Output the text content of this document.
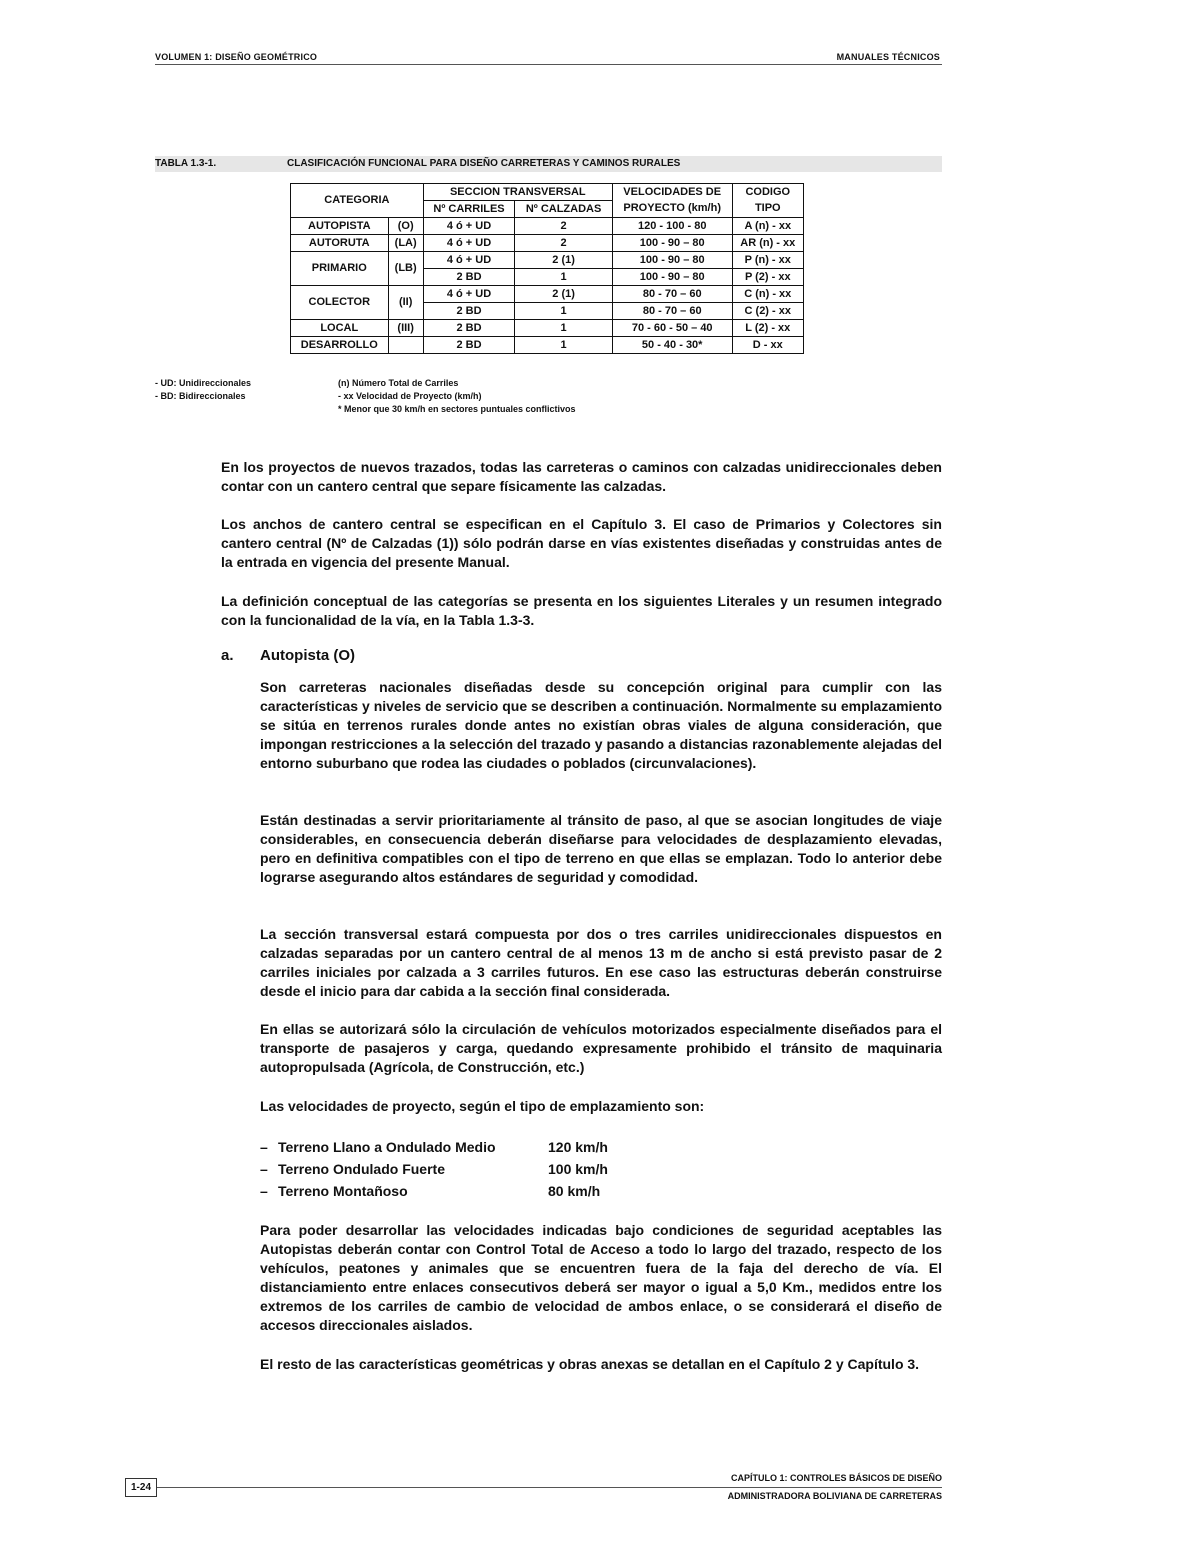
VOLUMEN 1: DISEÑO GEOMÉTRICO	MANUALES TÉCNICOS
TABLA 1.3-1.	CLASIFICACIÓN FUNCIONAL PARA DISEÑO CARRETERAS Y CAMINOS RURALES
CATEGORIA		SECCION TRANSVERSAL		VELOCIDADES DE	CODIGO
		Nº CARRILES	Nº CALZADAS	PROYECTO (km/h)	TIPO
AUTOPISTA	(O)	4 ó + UD	2	120 - 100 - 80	A (n) - xx
AUTORUTA	(LA)	4 ó + UD	2	100 - 90 – 80	AR (n) - xx
PRIMARIO	(LB)	4 ó + UD	2 (1)	100 - 90 – 80	P (n) - xx
		2 BD	1	100 - 90 – 80	P (2) - xx
COLECTOR	(II)	4 ó + UD	2 (1)	80 - 70 – 60	C (n) - xx
		2 BD	1	80 - 70 – 60	C (2) - xx
LOCAL	(III)	2 BD	1	70 - 60 - 50 – 40	L (2) - xx
DESARROLLO		2 BD	1	50 - 40 - 30*	D - xx
- UD: Unidireccionales
- BD: Bidireccionales
(n) Número Total de Carriles
- xx Velocidad de Proyecto (km/h)
* Menor que 30 km/h en sectores puntuales conflictivos

En los proyectos de nuevos trazados, todas las carreteras o caminos con calzadas unidireccionales deben contar con un cantero central que separe físicamente las calzadas.

Los anchos de cantero central se especifican en el Capítulo 3. El caso de Primarios y Colectores sin cantero central (Nº de Calzadas (1)) sólo podrán darse en vías existentes diseñadas y construidas antes de la entrada en vigencia del presente Manual.

La definición conceptual de las categorías se presenta en los siguientes Literales y un resumen integrado con la funcionalidad de la vía, en la Tabla 1.3-3.

a. Autopista (O)

Son carreteras nacionales diseñadas desde su concepción original para cumplir con las características y niveles de servicio que se describen a continuación. Normalmente su emplazamiento se sitúa en terrenos rurales donde antes no existían obras viales de alguna consideración, que impongan restricciones a la selección del trazado y pasando a distancias razonablemente alejadas del entorno suburbano que rodea las ciudades o poblados (circunvalaciones).

Están destinadas a servir prioritariamente al tránsito de paso, al que se asocian longitudes de viaje considerables, en consecuencia deberán diseñarse para velocidades de desplazamiento elevadas, pero en definitiva compatibles con el tipo de terreno en que ellas se emplazan. Todo lo anterior debe lograrse asegurando altos estándares de seguridad y comodidad.

La sección transversal estará compuesta por dos o tres carriles unidireccionales dispuestos en calzadas separadas por un cantero central de al menos 13 m de ancho si está previsto pasar de 2 carriles iniciales por calzada a 3 carriles futuros. En ese caso las estructuras deberán construirse desde el inicio para dar cabida a la sección final considerada.

En ellas se autorizará sólo la circulación de vehículos motorizados especialmente diseñados para el transporte de pasajeros y carga, quedando expresamente prohibido el tránsito de maquinaria autopropulsada (Agrícola, de Construcción, etc.)

Las velocidades de proyecto, según el tipo de emplazamiento son:

– Terreno Llano a Ondulado Medio	120 km/h
– Terreno Ondulado Fuerte	100 km/h
– Terreno Montañoso	80 km/h

Para poder desarrollar las velocidades indicadas bajo condiciones de seguridad aceptables las Autopistas deberán contar con Control Total de Acceso a todo lo largo del trazado, respecto de los vehículos, peatones y animales que se encuentren fuera de la faja del derecho de vía. El distanciamiento entre enlaces consecutivos deberá ser mayor o igual a 5,0 Km., medidos entre los extremos de los carriles de cambio de velocidad de ambos enlace, o se considerará el diseño de accesos direccionales aislados.

El resto de las características geométricas y obras anexas se detallan en el Capítulo 2 y Capítulo 3.

1-24
CAPÍTULO 1: CONTROLES BÁSICOS DE DISEÑO
ADMINISTRADORA BOLIVIANA DE CARRETERAS
